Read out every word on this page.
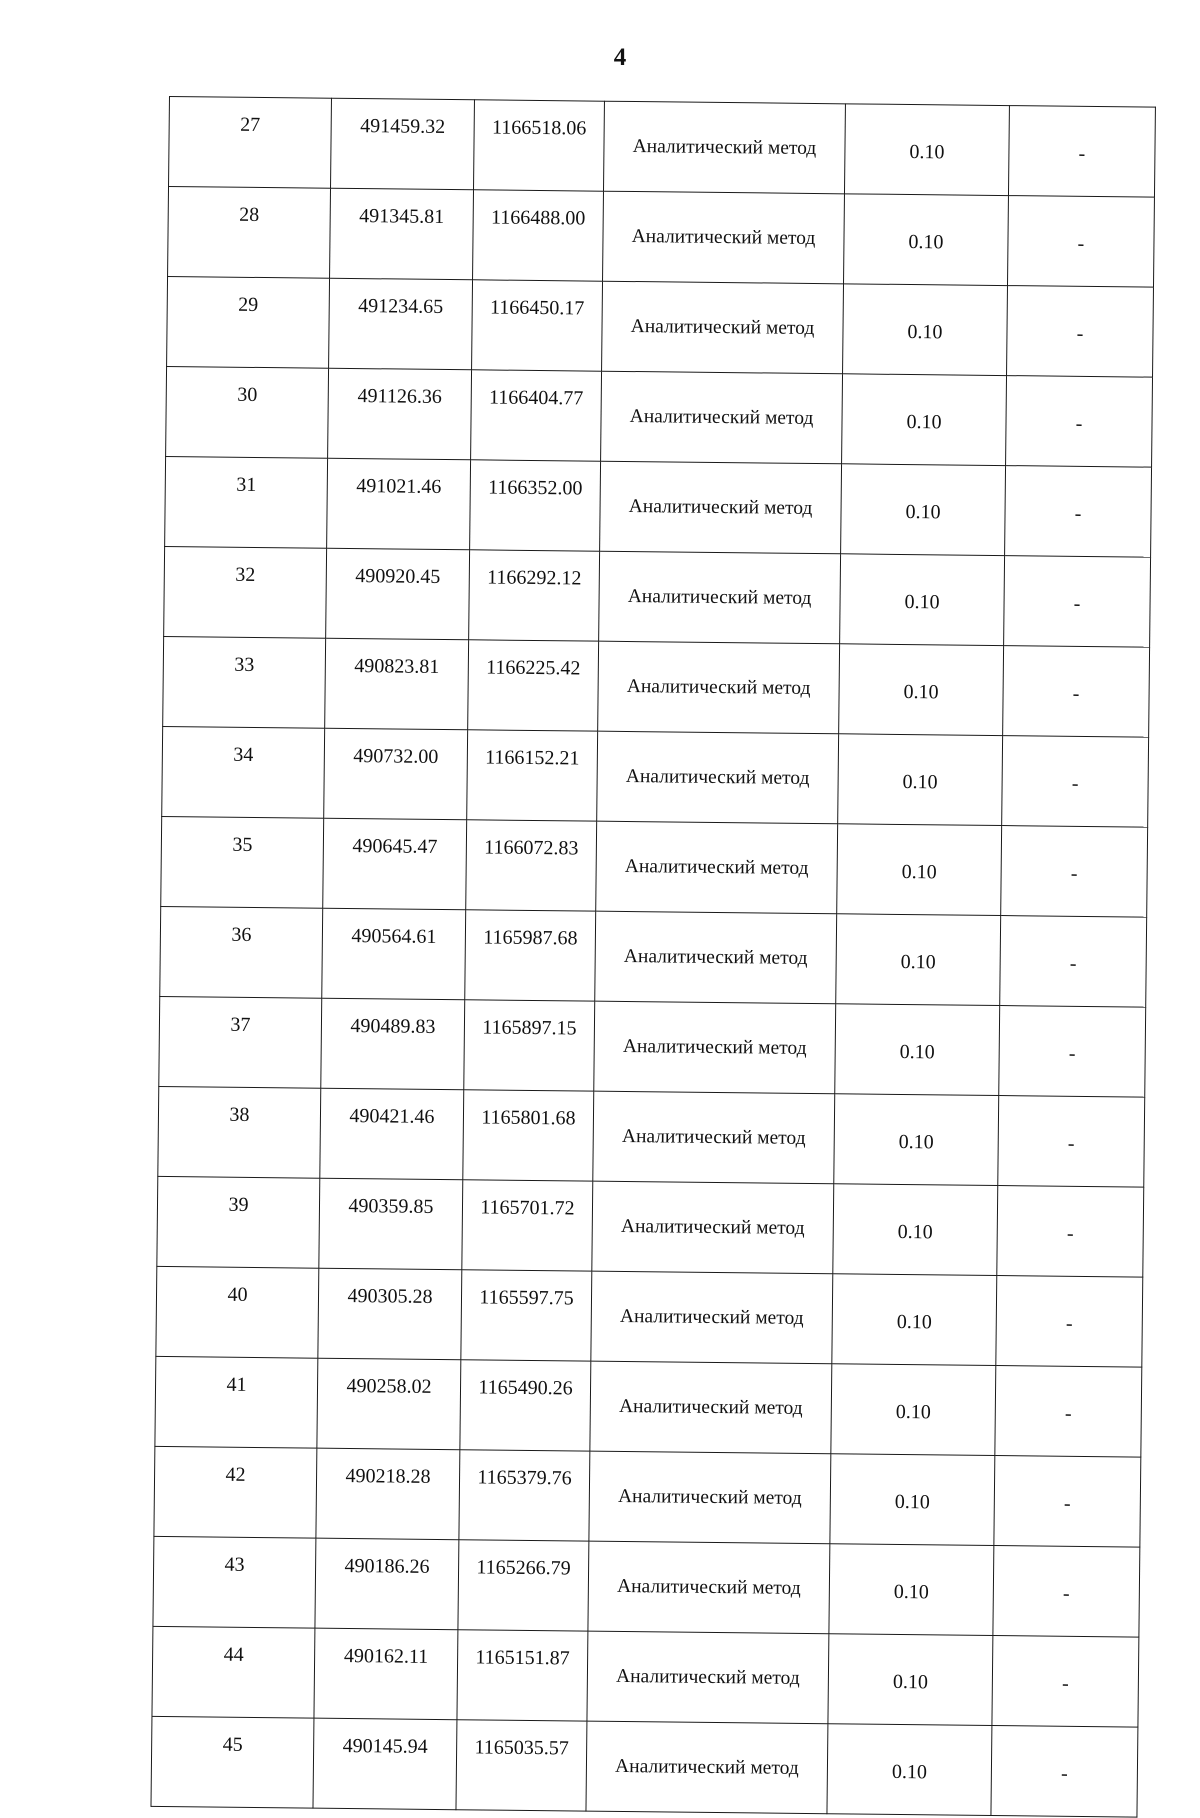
4
27	491459.32	1166518.06	Аналитический метод	0.10	-
28	491345.81	1166488.00	Аналитический метод	0.10	-
29	491234.65	1166450.17	Аналитический метод	0.10	-
30	491126.36	1166404.77	Аналитический метод	0.10	-
31	491021.46	1166352.00	Аналитический метод	0.10	-
32	490920.45	1166292.12	Аналитический метод	0.10	-
33	490823.81	1166225.42	Аналитический метод	0.10	-
34	490732.00	1166152.21	Аналитический метод	0.10	-
35	490645.47	1166072.83	Аналитический метод	0.10	-
36	490564.61	1165987.68	Аналитический метод	0.10	-
37	490489.83	1165897.15	Аналитический метод	0.10	-
38	490421.46	1165801.68	Аналитический метод	0.10	-
39	490359.85	1165701.72	Аналитический метод	0.10	-
40	490305.28	1165597.75	Аналитический метод	0.10	-
41	490258.02	1165490.26	Аналитический метод	0.10	-
42	490218.28	1165379.76	Аналитический метод	0.10	-
43	490186.26	1165266.79	Аналитический метод	0.10	-
44	490162.11	1165151.87	Аналитический метод	0.10	-
45	490145.94	1165035.57	Аналитический метод	0.10	-
